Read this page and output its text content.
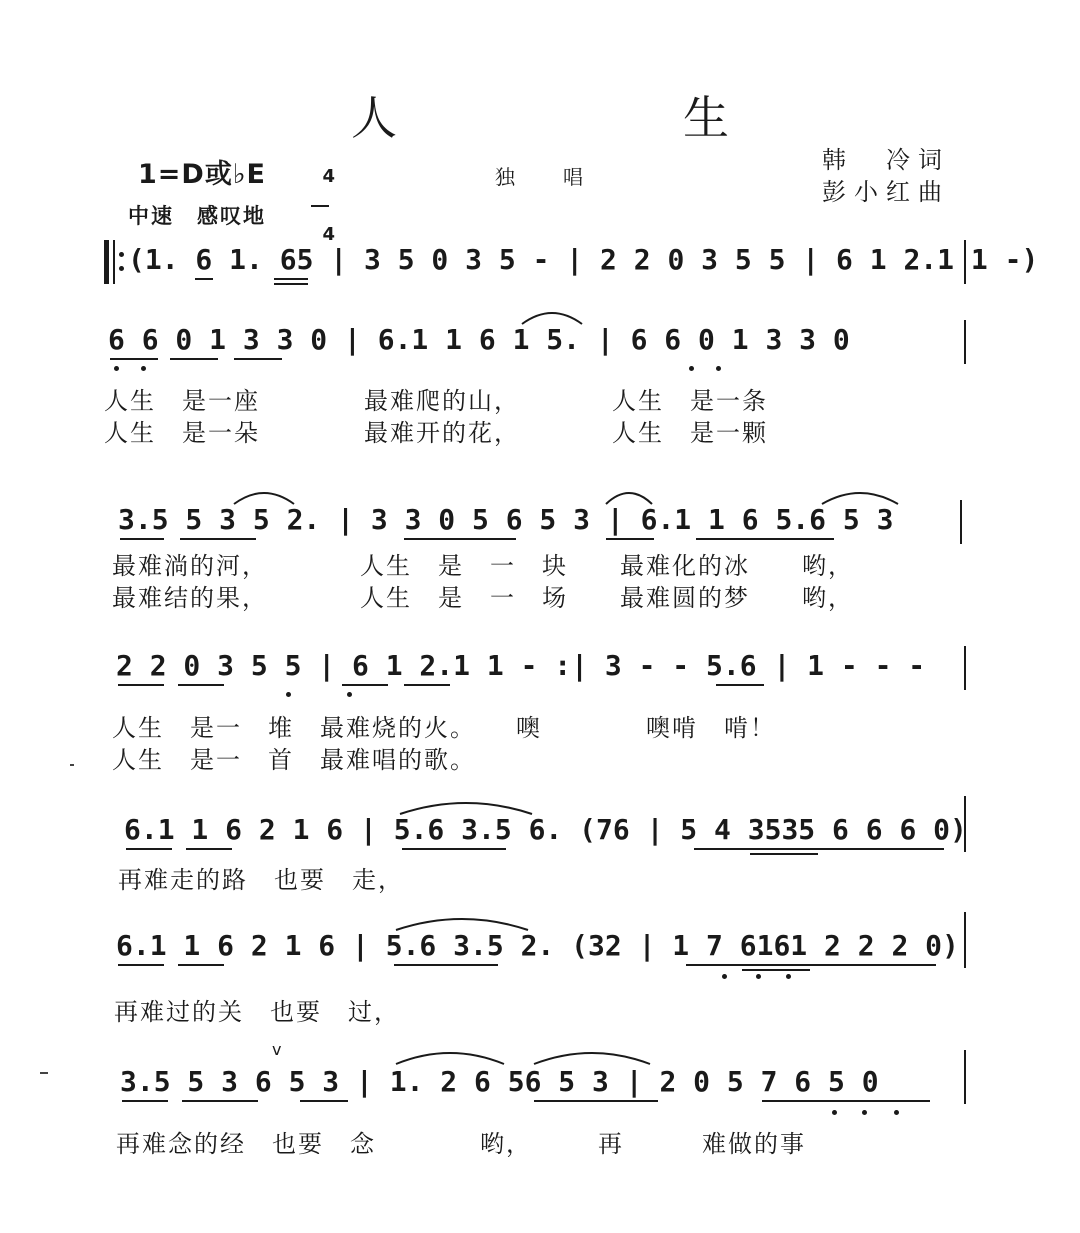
人　生
1=D或♭E	4

4

独唱
韩　冷词
彭小红曲
中速　感叹地
(1. 6 1. 65 | 3 5 0 3 5 - | 2 2 0 3 5 5 | 6 1 2.1 1 -)
6 6 0 1 3 3 0 | 6.1 1 6 1 5. | 6 6 0 1 3 3 0
人生　是一座　　　　最难爬的山，　　　　人生　是一条
人生　是一朵　　　　最难开的花，　　　　人生　是一颗
3.5 5 3 5 2. | 3 3 0 5 6 5 3 | 6.1 1 6 5.6 5 3
最难淌的河，　　　　人生　是　一　块　　最难化的冰　　哟，
最难结的果，　　　　人生　是　一　场　　最难圆的梦　　哟，
2 2 0 3 5 5 | 6 1 2.1 1 - :| 3 - - 5.6 | 1 - - -
人生　是一　堆　最难烧的火。　　噢　　　　噢啃　啃！
人生　是一　首　最难唱的歌。
6.1 1 6 2 1 6 | 5.6 3.5 6. (76 | 5 4 3535 6 6 6 0)
再难走的路　也要　走，
6.1 1 6 2 1 6 | 5.6 3.5 2. (32 | 1 7 6161 2 2 2 0)
再难过的关　也要　过，
3.5 5 3 6 5 3 | 1. 2 6 56 5 3 | 2 0 5 7 6 5 0
v
再难念的经　也要　念　　　　哟，　　　再　　　难做的事
